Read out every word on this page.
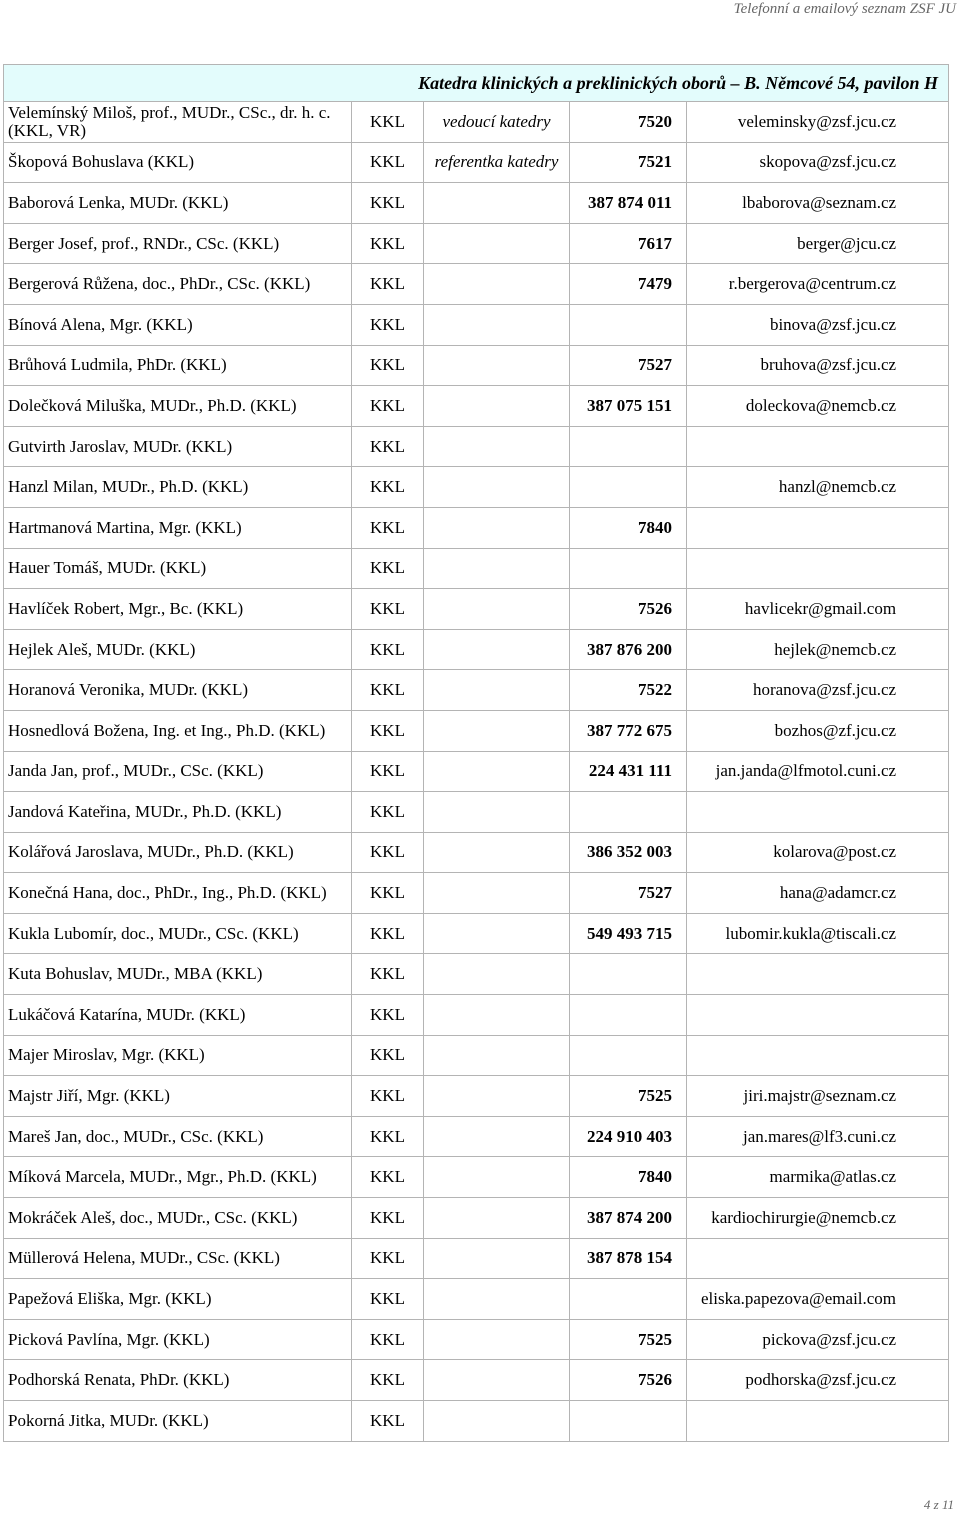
Telefonní a emailový seznam ZSF JU
Katedra klinických a preklinických oborů – B. Němcové 54, pavilon H				
Velemínský Miloš, prof., MUDr., CSc., dr. h. c. (KKL, VR)	KKL	vedoucí katedry	7520	veleminsky@zsf.jcu.cz
Škopová Bohuslava (KKL)	KKL	referentka katedry	7521	skopova@zsf.jcu.cz
Baborová Lenka, MUDr. (KKL)	KKL		387 874 011	lbaborova@seznam.cz
Berger Josef, prof., RNDr., CSc. (KKL)	KKL		7617	berger@jcu.cz
Bergerová Růžena, doc., PhDr., CSc. (KKL)	KKL		7479	r.bergerova@centrum.cz
Bínová Alena, Mgr. (KKL)	KKL			binova@zsf.jcu.cz
Brůhová Ludmila, PhDr. (KKL)	KKL		7527	bruhova@zsf.jcu.cz
Dolečková Miluška, MUDr., Ph.D. (KKL)	KKL		387 075 151	doleckova@nemcb.cz
Gutvirth Jaroslav, MUDr. (KKL)	KKL			
Hanzl Milan, MUDr., Ph.D. (KKL)	KKL			hanzl@nemcb.cz
Hartmanová Martina, Mgr. (KKL)	KKL		7840	
Hauer Tomáš, MUDr. (KKL)	KKL			
Havlíček Robert, Mgr., Bc. (KKL)	KKL		7526	havlicekr@gmail.com
Hejlek Aleš, MUDr. (KKL)	KKL		387 876 200	hejlek@nemcb.cz
Horanová Veronika, MUDr. (KKL)	KKL		7522	horanova@zsf.jcu.cz
Hosnedlová Božena, Ing. et Ing., Ph.D. (KKL)	KKL		387 772 675	bozhos@zf.jcu.cz
Janda Jan, prof., MUDr., CSc. (KKL)	KKL		224 431 111	jan.janda@lfmotol.cuni.cz
Jandová Kateřina, MUDr., Ph.D. (KKL)	KKL			
Kolářová Jaroslava, MUDr., Ph.D. (KKL)	KKL		386 352 003	kolarova@post.cz
Konečná Hana, doc., PhDr., Ing., Ph.D. (KKL)	KKL		7527	hana@adamcr.cz
Kukla Lubomír, doc., MUDr., CSc. (KKL)	KKL		549 493 715	lubomir.kukla@tiscali.cz
Kuta Bohuslav, MUDr., MBA (KKL)	KKL			
Lukáčová Katarína, MUDr. (KKL)	KKL			
Majer Miroslav, Mgr. (KKL)	KKL			
Majstr Jiří, Mgr. (KKL)	KKL		7525	jiri.majstr@seznam.cz
Mareš Jan, doc., MUDr., CSc. (KKL)	KKL		224 910 403	jan.mares@lf3.cuni.cz
Míková Marcela, MUDr., Mgr., Ph.D. (KKL)	KKL		7840	marmika@atlas.cz
Mokráček Aleš, doc., MUDr., CSc. (KKL)	KKL		387 874 200	kardiochirurgie@nemcb.cz
Müllerová Helena, MUDr., CSc. (KKL)	KKL		387 878 154	
Papežová Eliška, Mgr. (KKL)	KKL			eliska.papezova@email.com
Picková Pavlína, Mgr. (KKL)	KKL		7525	pickova@zsf.jcu.cz
Podhorská Renata, PhDr. (KKL)	KKL		7526	podhorska@zsf.jcu.cz
Pokorná Jitka, MUDr. (KKL)	KKL			
4 z 11
